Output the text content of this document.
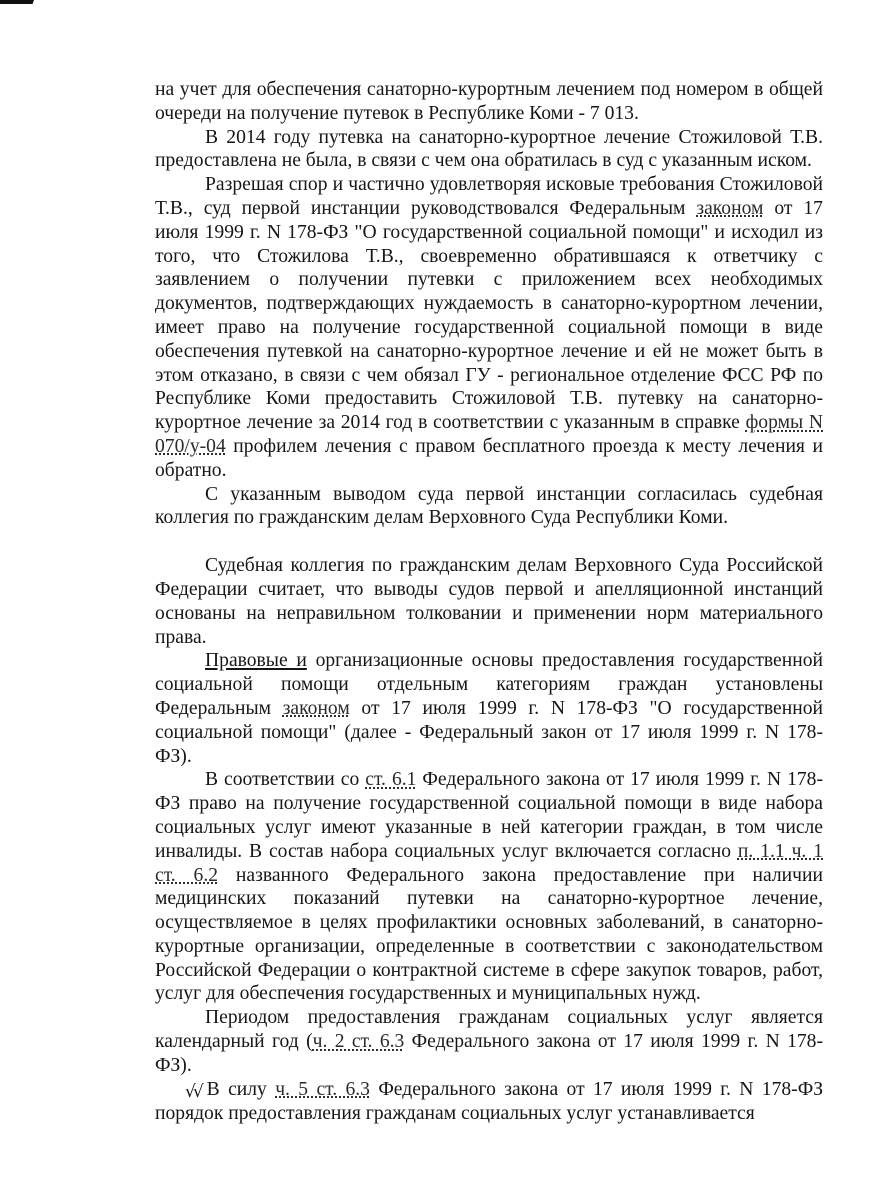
на учет для обеспечения санаторно-курортным лечением под номером в общей очереди на получение путевок в Республике Коми - 7 013.

В 2014 году путевка на санаторно-курортное лечение Стожиловой Т.В. предоставлена не была, в связи с чем она обратилась в суд с указанным иском.

Разрешая спор и частично удовлетворяя исковые требования Стожиловой Т.В., суд первой инстанции руководствовался Федеральным законом от 17 июля 1999 г. N 178-ФЗ "О государственной социальной помощи" и исходил из того, что Стожилова Т.В., своевременно обратившаяся к ответчику с заявлением о получении путевки с приложением всех необходимых документов, подтверждающих нуждаемость в санаторно-курортном лечении, имеет право на получение государственной социальной помощи в виде обеспечения путевкой на санаторно-курортное лечение и ей не может быть в этом отказано, в связи с чем обязал ГУ - региональное отделение ФСС РФ по Республике Коми предоставить Стожиловой Т.В. путевку на санаторно-курортное лечение за 2014 год в соответствии с указанным в справке формы N 070/у-04 профилем лечения с правом бесплатного проезда к месту лечения и обратно.

С указанным выводом суда первой инстанции согласилась судебная коллегия по гражданским делам Верховного Суда Республики Коми.

Судебная коллегия по гражданским делам Верховного Суда Российской Федерации считает, что выводы судов первой и апелляционной инстанций основаны на неправильном толковании и применении норм материального права.

Правовые и организационные основы предоставления государственной социальной помощи отдельным категориям граждан установлены Федеральным законом от 17 июля 1999 г. N 178-ФЗ "О государственной социальной помощи" (далее - Федеральный закон от 17 июля 1999 г. N 178-ФЗ).

В соответствии со ст. 6.1 Федерального закона от 17 июля 1999 г. N 178-ФЗ право на получение государственной социальной помощи в виде набора социальных услуг имеют указанные в ней категории граждан, в том числе инвалиды. В состав набора социальных услуг включается согласно п. 1.1 ч. 1 ст. 6.2 названного Федерального закона предоставление при наличии медицинских показаний путевки на санаторно-курортное лечение, осуществляемое в целях профилактики основных заболеваний, в санаторно-курортные организации, определенные в соответствии с законодательством Российской Федерации о контрактной системе в сфере закупок товаров, работ, услуг для обеспечения государственных и муниципальных нужд.

Периодом предоставления гражданам социальных услуг является календарный год (ч. 2 ст. 6.3 Федерального закона от 17 июля 1999 г. N 178-ФЗ).

√√ В силу ч. 5 ст. 6.3 Федерального закона от 17 июля 1999 г. N 178-ФЗ порядок предоставления гражданам социальных услуг устанавливается
